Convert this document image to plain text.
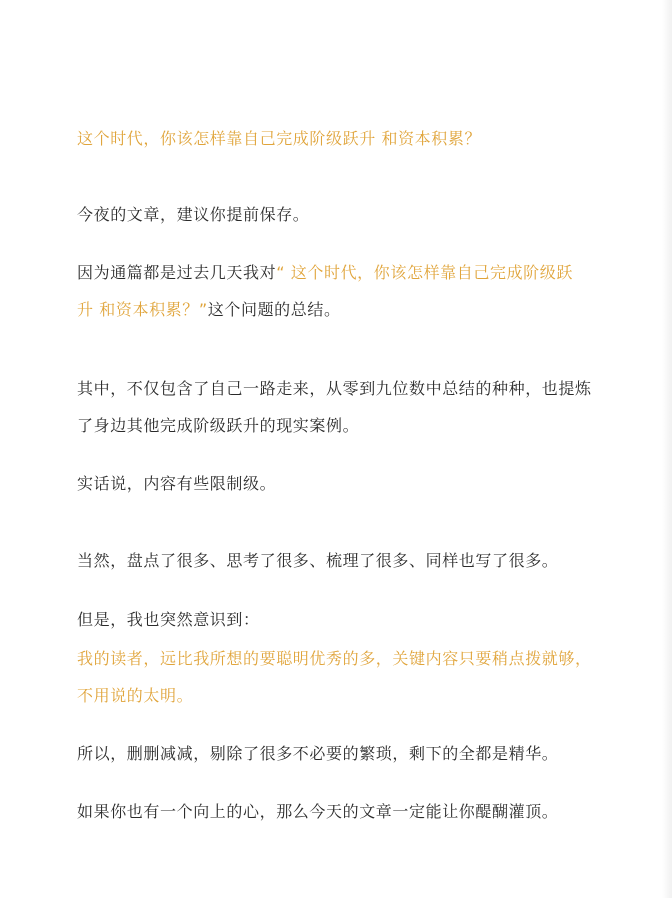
这个时代，你该怎样靠自己完成阶级跃升 和资本积累？
今夜的文章，建议你提前保存。
因为通篇都是过去几天我对“ 这个时代，你该怎样靠自己完成阶级跃
升 和资本积累？”这个问题的总结。
其中，不仅包含了自己一路走来，从零到九位数中总结的种种，也提炼
了身边其他完成阶级跃升的现实案例。
实话说，内容有些限制级。
当然，盘点了很多、思考了很多、梳理了很多、同样也写了很多。
但是，我也突然意识到：
我的读者，远比我所想的要聪明优秀的多，关键内容只要稍点拨就够，
不用说的太明。
所以，删删减减，剔除了很多不必要的繁琐，剩下的全都是精华。
如果你也有一个向上的心，那么今天的文章一定能让你醍醐灌顶。
